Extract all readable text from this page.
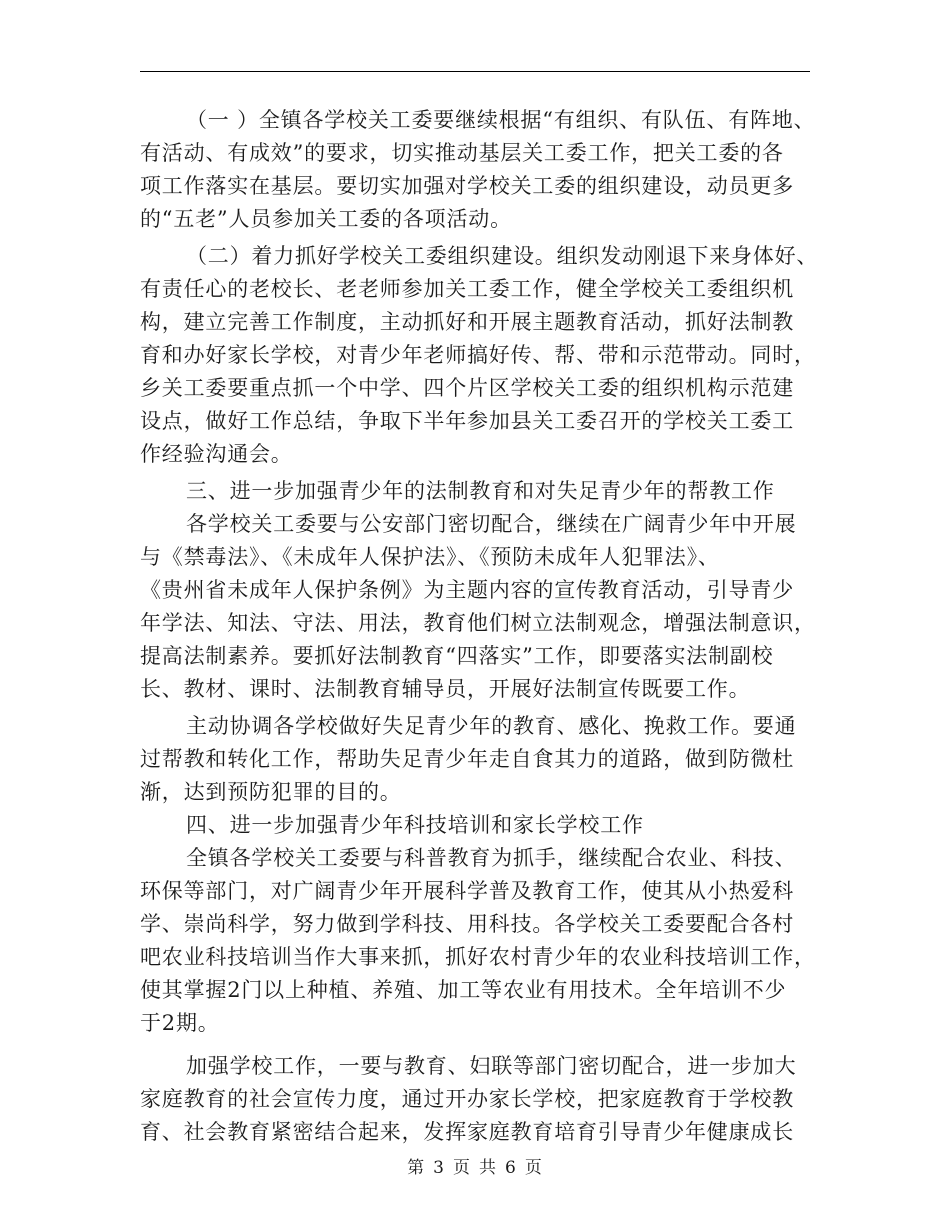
（一 ）全镇各学校关工委要继续根据“有组织、有队伍、有阵地、
有活动、有成效”的要求，切实推动基层关工委工作，把关工委的各
项工作落实在基层。要切实加强对学校关工委的组织建设，动员更多
的“五老”人员参加关工委的各项活动。
（二）着力抓好学校关工委组织建设。组织发动刚退下来身体好、
有责任心的老校长、老老师参加关工委工作，健全学校关工委组织机
构，建立完善工作制度，主动抓好和开展主题教育活动，抓好法制教
育和办好家长学校，对青少年老师搞好传、帮、带和示范带动。同时，
乡关工委要重点抓一个中学、四个片区学校关工委的组织机构示范建
设点，做好工作总结，争取下半年参加县关工委召开的学校关工委工
作经验沟通会。
三、进一步加强青少年的法制教育和对失足青少年的帮教工作
各学校关工委要与公安部门密切配合，继续在广阔青少年中开展
与《禁毒法》、《未成年人保护法》、《预防未成年人犯罪法》、
《贵州省未成年人保护条例》为主题内容的宣传教育活动，引导青少
年学法、知法、守法、用法，教育他们树立法制观念，增强法制意识，
提高法制素养。要抓好法制教育“四落实”工作，即要落实法制副校
长、教材、课时、法制教育辅导员，开展好法制宣传既要工作。
主动协调各学校做好失足青少年的教育、感化、挽救工作。要通
过帮教和转化工作，帮助失足青少年走自食其力的道路，做到防微杜
渐，达到预防犯罪的目的。
四、进一步加强青少年科技培训和家长学校工作
全镇各学校关工委要与科普教育为抓手，继续配合农业、科技、
环保等部门，对广阔青少年开展科学普及教育工作，使其从小热爱科
学、崇尚科学，努力做到学科技、用科技。各学校关工委要配合各村
吧农业科技培训当作大事来抓，抓好农村青少年的农业科技培训工作，
使其掌握2门以上种植、养殖、加工等农业有用技术。全年培训不少
于2期。
加强学校工作，一要与教育、妇联等部门密切配合，进一步加大
家庭教育的社会宣传力度，通过开办家长学校，把家庭教育于学校教
育、社会教育紧密结合起来，发挥家庭教育培育引导青少年健康成长
第 3 页 共 6 页
